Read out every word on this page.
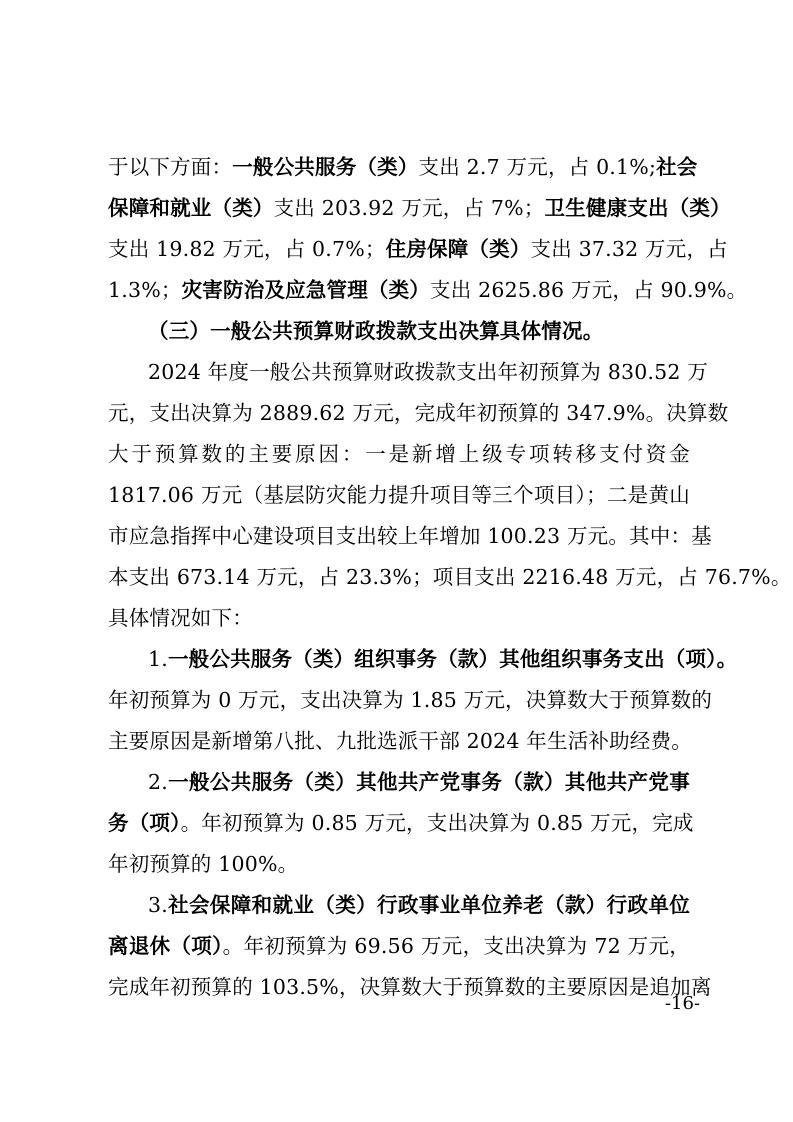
于以下方面：一般公共服务（类）支出 2.7 万元，占 0.1%;社会
保障和就业（类）支出 203.92 万元，占 7%；卫生健康支出（类）
支出 19.82 万元，占 0.7%；住房保障（类）支出 37.32 万元，占
1.3%；灾害防治及应急管理（类）支出 2625.86 万元，占 90.9%。
（三）一般公共预算财政拨款支出决算具体情况。
2024 年度一般公共预算财政拨款支出年初预算为 830.52 万
元，支出决算为 2889.62 万元，完成年初预算的 347.9%。决算数
大于预算数的主要原因：一是新增上级专项转移支付资金
1817.06 万元（基层防灾能力提升项目等三个项目）；二是黄山
市应急指挥中心建设项目支出较上年增加 100.23 万元。其中：基
本支出 673.14 万元，占 23.3%；项目支出 2216.48 万元，占 76.7%。
具体情况如下：
1.一般公共服务（类）组织事务（款）其他组织事务支出（项）。
年初预算为 0 万元，支出决算为 1.85 万元，决算数大于预算数的
主要原因是新增第八批、九批选派干部 2024 年生活补助经费。
2.一般公共服务（类）其他共产党事务（款）其他共产党事
务（项）。年初预算为 0.85 万元，支出决算为 0.85 万元，完成
年初预算的 100%。
3.社会保障和就业（类）行政事业单位养老（款）行政单位
离退休（项）。年初预算为 69.56 万元，支出决算为 72 万元，
完成年初预算的 103.5%，决算数大于预算数的主要原因是追加离
-16-
